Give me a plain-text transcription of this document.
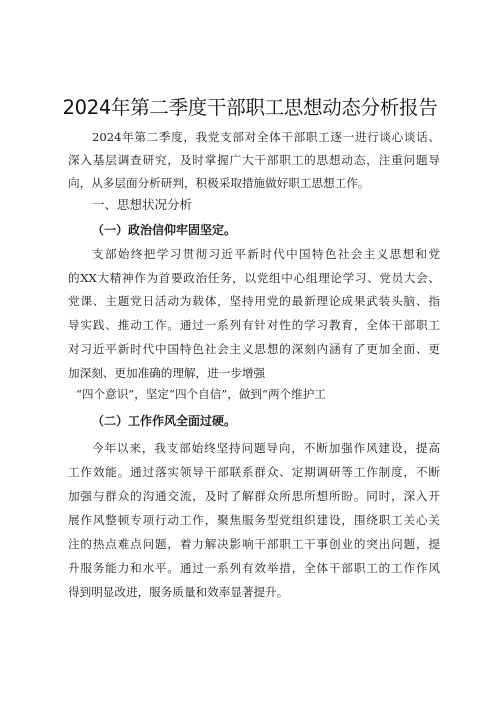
2024年第二季度干部职工思想动态分析报告
2024年第二季度，我党支部对全体干部职工逐一进行谈心谈话、
深入基层调查研究，及时掌握广大干部职工的思想动态，注重问题导
向，从多层面分析研判，积极采取措施做好职工思想工作。
一、思想状况分析
（一）政治信仰牢固坚定。
支部始终把学习贯彻习近平新时代中国特色社会主义思想和党
的XX大精神作为首要政治任务，以党组中心组理论学习、党员大会、
党课、主题党日活动为载体，坚持用党的最新理论成果武装头脑、指
导实践、推动工作。通过一系列有针对性的学习教育，全体干部职工
对习近平新时代中国特色社会主义思想的深刻内涵有了更加全面、更
加深刻、更加准确的理解，进一步增强
“四个意识”，坚定“四个自信”，做到“两个维护工
（二）工作作风全面过硬。
今年以来，我支部始终坚持问题导向，不断加强作风建设，提高
工作效能。通过落实领导干部联系群众、定期调研等工作制度，不断
加强与群众的沟通交流，及时了解群众所思所想所盼。同时，深入开
展作风整顿专项行动工作，聚焦服务型党组织建设，围绕职工关心关
注的热点难点问题，着力解决影响干部职工干事创业的突出问题，提
升服务能力和水平。通过一系列有效举措，全体干部职工的工作作风
得到明显改进，服务质量和效率显著提升。
